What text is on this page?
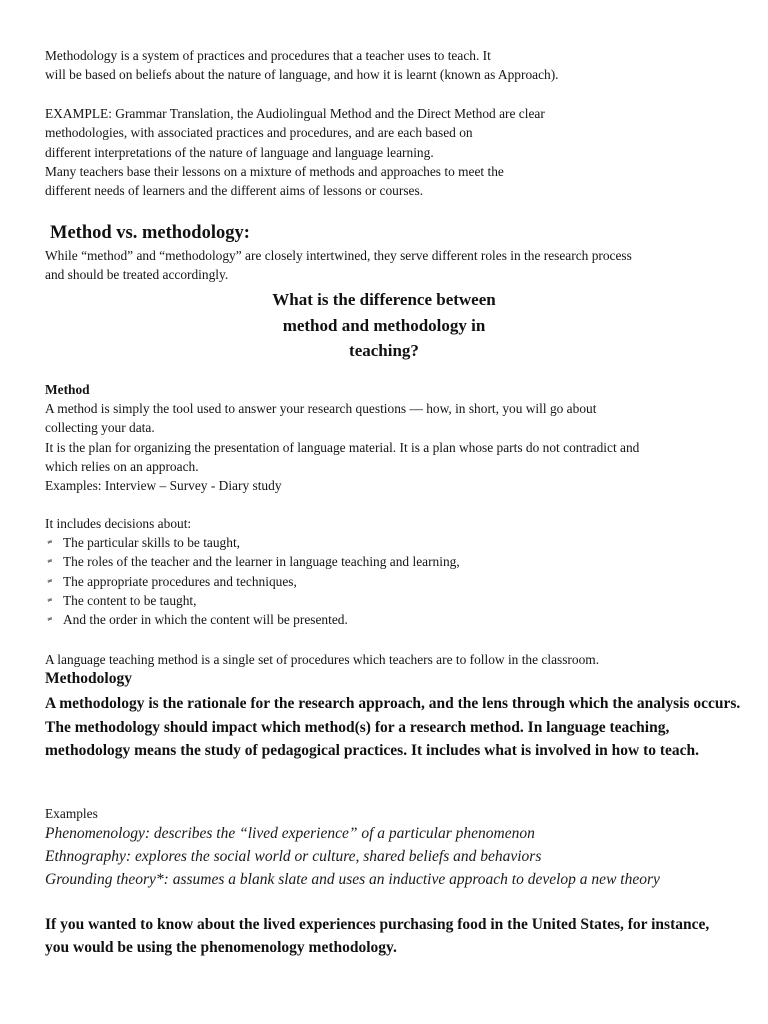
Methodology is a system of practices and procedures that a teacher uses to teach. It
will be based on beliefs about the nature of language, and how it is learnt (known as Approach).
EXAMPLE: Grammar Translation, the Audiolingual Method and the Direct Method are clear
methodologies, with associated practices and procedures, and are each based on
different interpretations of the nature of language and language learning.
Many teachers base their lessons on a mixture of methods and approaches to meet the
different needs of learners and the different aims of lessons or courses.
Method vs. methodology:
While “method” and “methodology” are closely intertwined, they serve different roles in the research process
and should be treated accordingly.
What is the difference between
method and methodology in
teaching?
Method
A method is simply the tool used to answer your research questions — how, in short, you will go about
collecting your data.
It is the plan for organizing the presentation of language material. It is a plan whose parts do not contradict and
which relies on an approach.
Examples: Interview – Survey - Diary study
It includes decisions about:
≠ The particular skills to be taught,
≠ The roles of the teacher and the learner in language teaching and learning,
≠ The appropriate procedures and techniques,
≠ The content to be taught,
≠ And the order in which the content will be presented.
A language teaching method is a single set of procedures which teachers are to follow in the classroom.
Methodology
A methodology is the rationale for the research approach, and the lens through which the analysis occurs. The methodology should impact which method(s) for a research method. In language teaching, methodology means the study of pedagogical practices. It includes what is involved in how to teach.
Examples
Phenomenology: describes the “lived experience” of a particular phenomenon
Ethnography: explores the social world or culture, shared beliefs and behaviors
Grounding theory*: assumes a blank slate and uses an inductive approach to develop a new theory
If you wanted to know about the lived experiences purchasing food in the United States, for instance, you would be using the phenomenology methodology.
